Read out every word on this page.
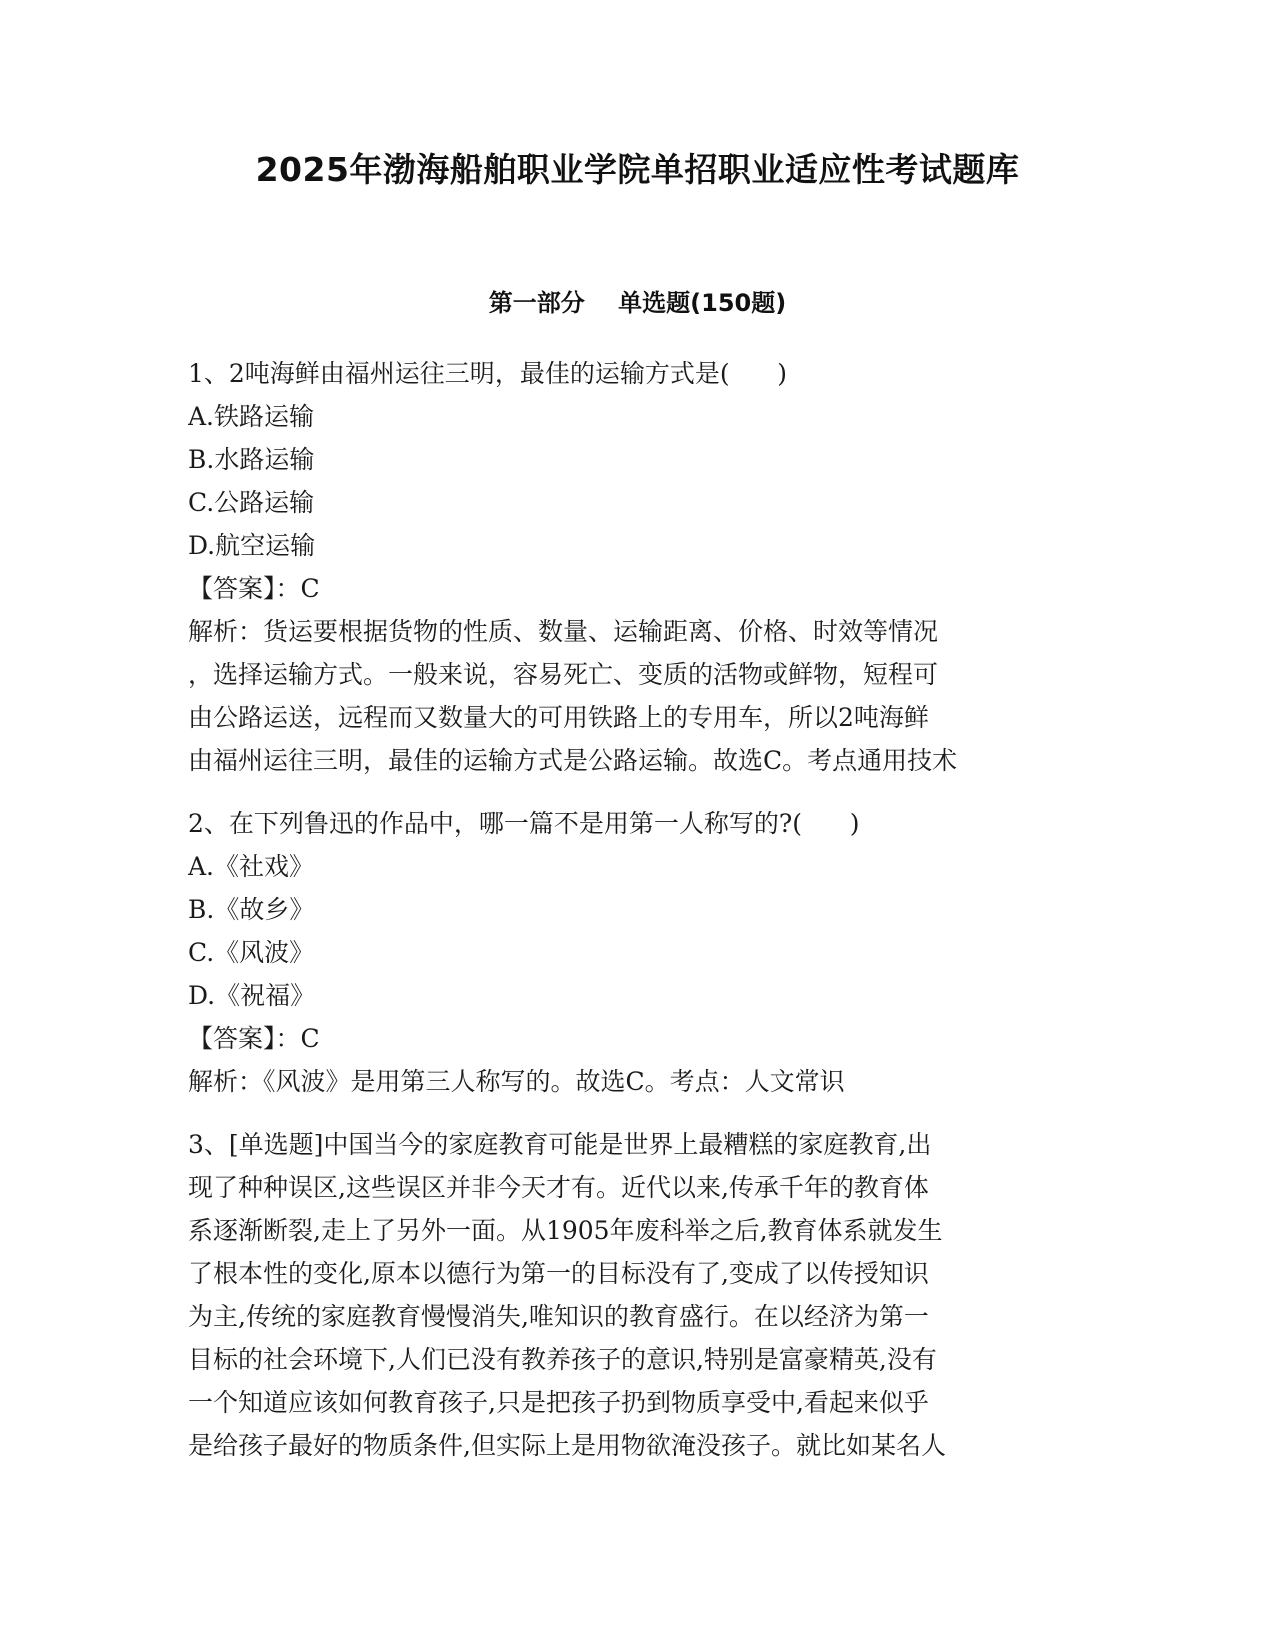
2025年渤海船舶职业学院单招职业适应性考试题库
第一部分    单选题(150题)
1、2吨海鲜由福州运往三明，最佳的运输方式是(      )
A.铁路运输
B.水路运输
C.公路运输
D.航空运输
【答案】：C
解析：货运要根据货物的性质、数量、运输距离、价格、时效等情况
，选择运输方式。一般来说，容易死亡、变质的活物或鲜物，短程可
由公路运送，远程而又数量大的可用铁路上的专用车，所以2吨海鲜
由福州运往三明，最佳的运输方式是公路运输。故选C。考点通用技术
2、在下列鲁迅的作品中，哪一篇不是用第一人称写的?(      )
A.《社戏》
B.《故乡》
C.《风波》
D.《祝福》
【答案】：C
解析：《风波》是用第三人称写的。故选C。考点：人文常识
3、[单选题]中国当今的家庭教育可能是世界上最糟糕的家庭教育,出
现了种种误区,这些误区并非今天才有。近代以来,传承千年的教育体
系逐渐断裂,走上了另外一面。从1905年废科举之后,教育体系就发生
了根本性的变化,原本以德行为第一的目标没有了,变成了以传授知识
为主,传统的家庭教育慢慢消失,唯知识的教育盛行。在以经济为第一
目标的社会环境下,人们已没有教养孩子的意识,特别是富豪精英,没有
一个知道应该如何教育孩子,只是把孩子扔到物质享受中,看起来似乎
是给孩子最好的物质条件,但实际上是用物欲淹没孩子。就比如某名人
